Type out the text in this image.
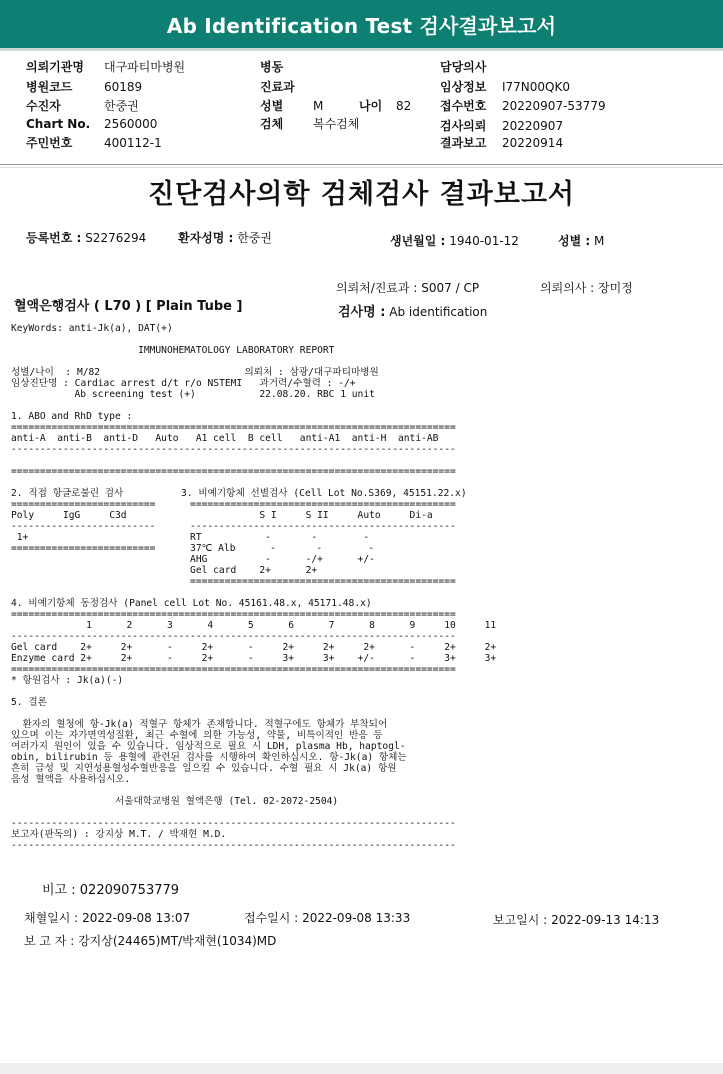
Ab Identification Test 검사결과보고서
의뢰기관명 대구파티마병원
병원코드	60189
수진자	한중권
Chart No. 2560000
주민번호	400112-1
병동
진료과
성별 M	나이 82
검체 복수검체
담당의사
임상정보 I77N00QK0
접수번호 20220907-53779
검사의뢰 20220907
결과보고 20220914
진단검사의학 검체검사 결과보고서
등록번호 : S2276294	환자성명 : 한중권	생년월일 : 1940-01-12	성별 : M
의뢰처/진료과 : S007 / CP	의뢰의사 : 장미정
혈액은행검사 ( L70 ) [ Plain Tube ]	검사명 : Ab identification
KeyWords: anti-Jk(a), DAT(+)

IMMUNOHEMATOLOGY LABORATORY REPORT

성별/나이  : M/82                         의뢰처 : 삼광/대구파티마병원
임상진단명 : Cardiac arrest d/t r/o NSTEMI   과거력/수혈력 : -/+
Ab screening test (+)           22.08.20. RBC 1 unit

1. ABO and RhD type :
=============================================================================
anti-A  anti-B  anti-D   Auto   A1 cell  B cell   anti-A1  anti-H  anti-AB
-----------------------------------------------------------------------------

=============================================================================

2. 직접 항글로불린 검사          3. 비예기항체 선별검사 (Cell Lot No.S369, 45151.22.x)
=========================      ==============================================
Poly     IgG     C3d                       S I     S II     Auto     Di-a
-------------------------      ----------------------------------------------
1+                            RT           -       -        -
=========================      37℃ Alb      -       -        -
AHG          -      -/+      +/-
Gel card    2+      2+
==============================================

4. 비예기항체 동정검사 (Panel cell Lot No. 45161.48.x, 45171.48.x)
=============================================================================
1      2      3      4      5      6      7      8      9     10     11
-----------------------------------------------------------------------------
Gel card    2+     2+      -     2+      -     2+     2+     2+      -     2+     2+
Enzyme card 2+     2+      -     2+      -     3+     3+    +/-      -     3+     3+
=============================================================================
* 항원검사 : Jk(a)(-)

5. 결론

환자의 혈청에 항-Jk(a) 적혈구 항체가 존재합니다. 적혈구에도 항체가 부착되어
있으며 이는 자가면역성질환, 최근 수혈에 의한 가능성, 약물, 비특이적인 반응 등
여러가지 원인이 있을 수 있습니다. 임상적으로 필요 시 LDH, plasma Hb, haptogl-
obin, bilirubin 등 용혈에 관련된 검사를 시행하여 확인하십시오. 항-Jk(a) 항체는
흔히 급성 및 지연성용혈성수혈반응을 일으킬 수 있습니다. 수혈 필요 시 Jk(a) 항원
음성 혈액을 사용하십시오.

서울대학교병원 혈액은행 (Tel. 02-2072-2504)

-----------------------------------------------------------------------------
보고자(판독의) : 강지상 M.T. / 박재현 M.D.
-----------------------------------------------------------------------------
비고 : 022090753779
채혈일시 : 2022-09-08 13:07	접수일시 : 2022-09-08 13:33	보고일시 : 2022-09-13 14:13
보 고 자 : 강지상(24465)MT/박재현(1034)MD
